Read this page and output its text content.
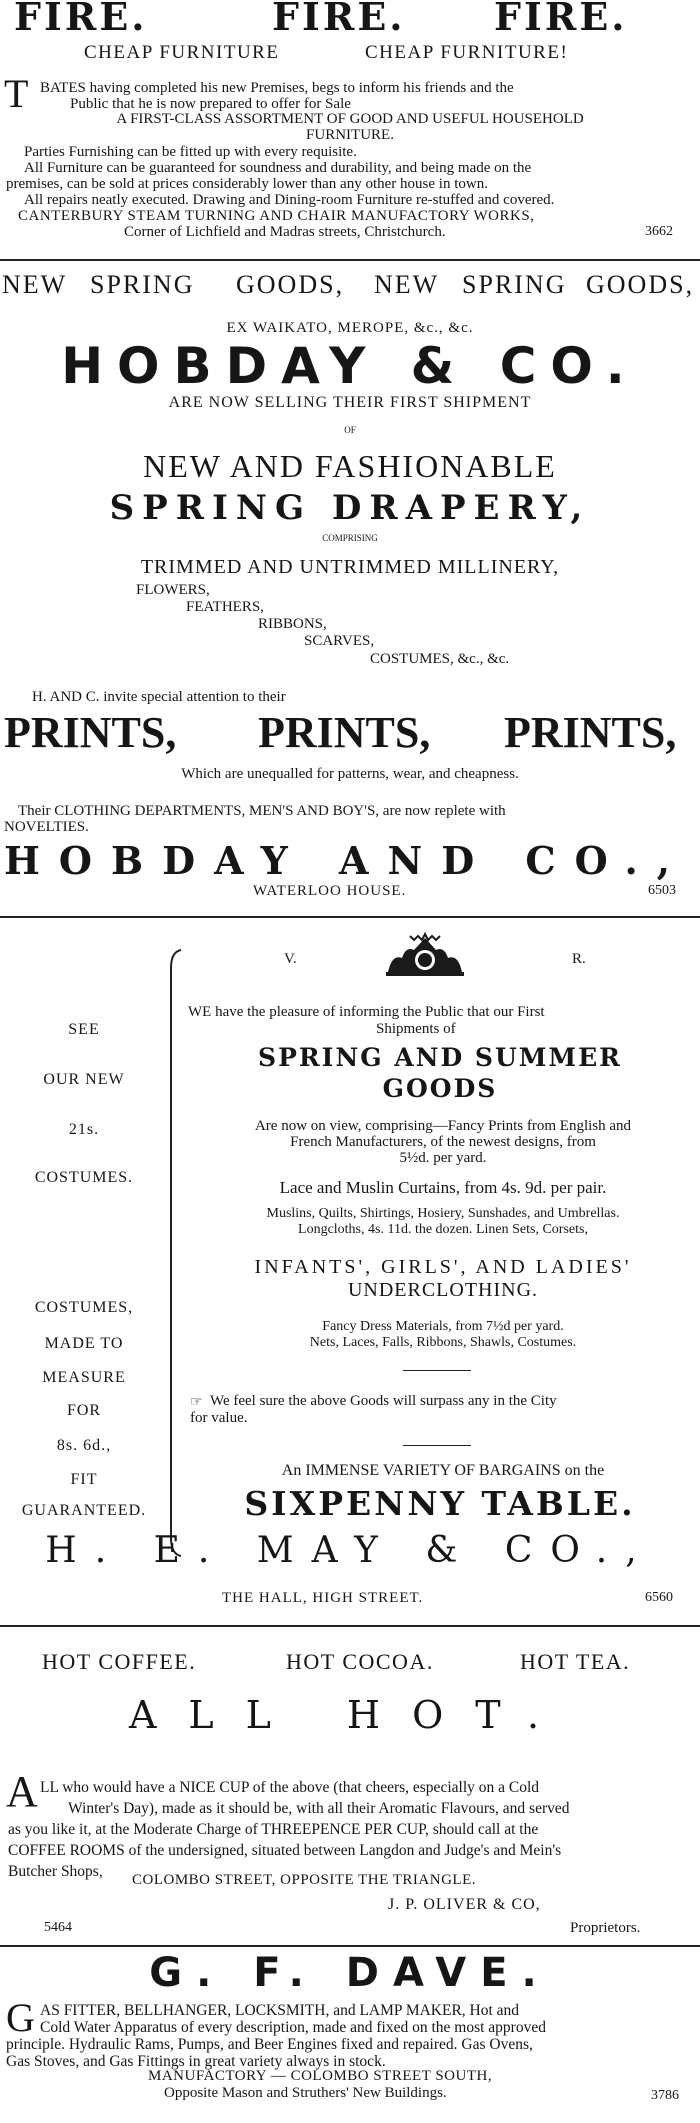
FIRE.	FIRE. FIRE.
CHEAP FURNITURE	CHEAP FURNITURE!
T BATES having completed his new Premises, begs to inform his friends and the
Public that he is now prepared to offer for Sale
A FIRST-CLASS ASSORTMENT OF GOOD AND USEFUL HOUSEHOLD
FURNITURE.
Parties Furnishing can be fitted up with every requisite.
All Furniture can be guaranteed for soundness and durability, and being made on the
premises, can be sold at prices considerably lower than any other house in town.
All repairs neatly executed. Drawing and Dining-room Furniture re-stuffed and covered.
CANTERBURY STEAM TURNING AND CHAIR MANUFACTORY WORKS,
Corner of Lichfield and Madras streets, Christchurch.	3662
NEW SPRING GOODS, NEW SPRING GOODS,
EX WAIKATO, MEROPE, &c., &c.
HOBDAY & CO.
ARE NOW SELLING THEIR FIRST SHIPMENT
OF
NEW AND FASHIONABLE
SPRING DRAPERY,
COMPRISING
TRIMMED AND UNTRIMMED MILLINERY,
FLOWERS,
FEATHERS,
RIBBONS,
SCARVES,
COSTUMES, &c., &c.
H. AND C. invite special attention to their
PRINTS, PRINTS, PRINTS,
Which are unequalled for patterns, wear, and cheapness.
Their CLOTHING DEPARTMENTS, MEN'S AND BOY'S, are now replete with
NOVELTIES.
HOBDAY AND CO.,
WATERLOO HOUSE.	6503
V.	R.
SEE
OUR NEW
21s.
COSTUMES.
COSTUMES,
MADE TO
MEASURE
FOR
8s. 6d.,
FIT
GUARANTEED.
WE have the pleasure of informing the Public that our First
Shipments of
SPRING AND SUMMER
GOODS
Are now on view, comprising—Fancy Prints from English and
French Manufacturers, of the newest designs, from
5½d. per yard.
Lace and Muslin Curtains, from 4s. 9d. per pair.
Muslins, Quilts, Shirtings, Hosiery, Sunshades, and Umbrellas.
Longcloths, 4s. 11d. the dozen. Linen Sets, Corsets,
INFANTS', GIRLS', AND LADIES'
UNDERCLOTHING.
Fancy Dress Materials, from 7½d per yard.
Nets, Laces, Falls, Ribbons, Shawls, Costumes.
☞ We feel sure the above Goods will surpass any in the City
for value.
An IMMENSE VARIETY OF BARGAINS on the
SIXPENNY TABLE.
H. E. MAY & CO.,
THE HALL, HIGH STREET.	6560
HOT COFFEE.	HOT COCOA.	HOT TEA.
ALL HOT.
A LL who would have a NICE CUP of the above (that cheers, especially on a Cold
Winter's Day), made as it should be, with all their Aromatic Flavours, and served
as you like it, at the Moderate Charge of THREEPENCE PER CUP, should call at the
COFFEE ROOMS of the undersigned, situated between Langdon and Judge's and Mein's
Butcher Shops, COLOMBO STREET, OPPOSITE THE TRIANGLE.
J. P. OLIVER & CO,
5464	Proprietors.
G. F. DAVE.
G AS FITTER, BELLHANGER, LOCKSMITH, and LAMP MAKER, Hot and
Cold Water Apparatus of every description, made and fixed on the most approved
principle. Hydraulic Rams, Pumps, and Beer Engines fixed and repaired. Gas Ovens,
Gas Stoves, and Gas Fittings in great variety always in stock.
MANUFACTORY — COLOMBO STREET SOUTH,
Opposite Mason and Struthers' New Buildings.	3786
